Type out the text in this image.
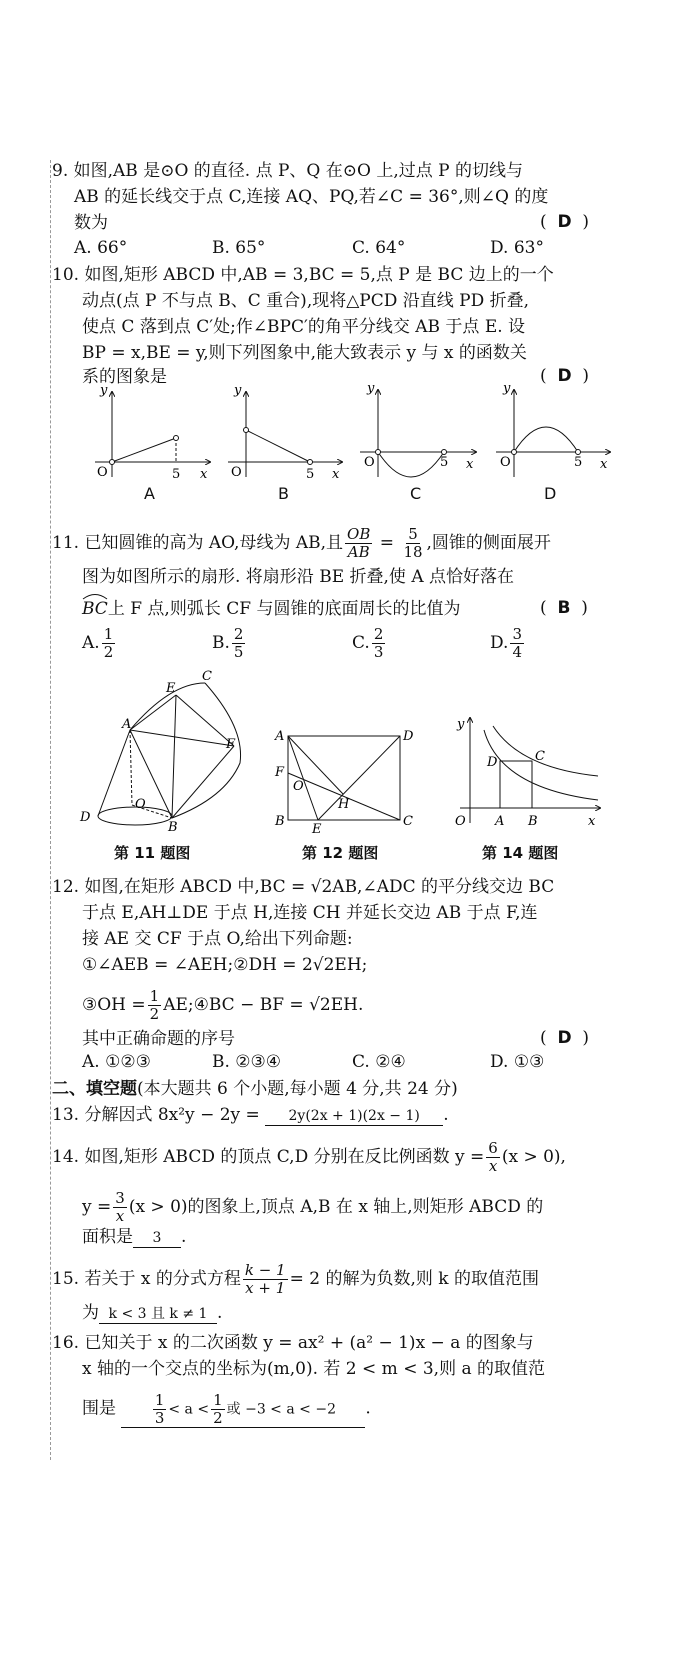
9. 如图,AB 是⊙O 的直径. 点 P、Q 在⊙O 上,过点 P 的切线与
AB 的延长线交于点 C,连接 AQ、PQ,若∠C = 36°,则∠Q 的度
数为	(  D  )
A. 66°	B. 65°	C. 64°	D. 63°
10. 如图,矩形 ABCD 中,AB = 3,BC = 5,点 P 是 BC 边上的一个
动点(点 P 不与点 B、C 重合),现将△PCD 沿直线 PD 折叠,
使点 C 落到点 C′处;作∠BPC′的角平分线交 AB 于点 E. 设
BP = x,BE = y,则下列图象中,能大致表示 y 与 x 的函数关
系的图象是	(  D  )
y
O	5 x
y
O	5 x
y
O	5 x
y
O	5 x
A	B	C	D
11. 已知圆锥的高为 AO,母线为 AB,且 $\frac{OB}{AB} = \frac{5}{18}$ ,圆锥的侧面展开
图为如图所示的扇形. 将扇形沿 BE 折叠,使 A 点恰好落在
BC上 F 点,则弧长 CF 与圆锥的底面周长的比值为	(  B  )
A. $\frac{1}{2}$	B. $\frac{2}{5}$	C. $\frac{2}{3}$	D. $\frac{3}{4}$
A
E
C
F
O
D
B
A	D
F
O
H
B
E
C
y
D	C
O A B	x
第 11 题图	第 12 题图	第 14 题图
12. 如图,在矩形 ABCD 中,BC = √2AB,∠ADC 的平分线交边 BC
于点 E,AH⊥DE 于点 H,连接 CH 并延长交边 AB 于点 F,连
接 AE 交 CF 于点 O,给出下列命题:
①∠AEB = ∠AEH;②DH = 2√2EH;
③OH = $\frac{1}{2}$ AE;④BC − BF = √2EH.
其中正确命题的序号	(  D  )
A. ①②③	B. ②③④	C. ②④	D. ①③
二、填空题(本大题共 6 个小题,每小题 4 分,共 24 分)
13. 分解因式 8x²y − 2y = 2y(2x + 1)(2x − 1) .
14. 如图,矩形 ABCD 的顶点 C,D 分别在反比例函数 $y = \frac{6}{x} (x > 0)$,
$y = \frac{3}{x} (x > 0)$的图象上,顶点 A,B 在 x 轴上,则矩形 ABCD 的
面积是 3 .
15. 若关于 x 的分式方程 $\frac{k - 1}{x + 1} = 2$ 的解为负数,则 k 的取值范围
为 k < 3 且 k ≠ 1 .
16. 已知关于 x 的二次函数 y = ax² + (a² − 1)x − a 的图象与
x 轴的一个交点的坐标为(m,0). 若 2 < m < 3,则 a 的取值范
围是 $\frac{1}{3} < a < \frac{1}{2}$ 或 −3 < a < −2 .
